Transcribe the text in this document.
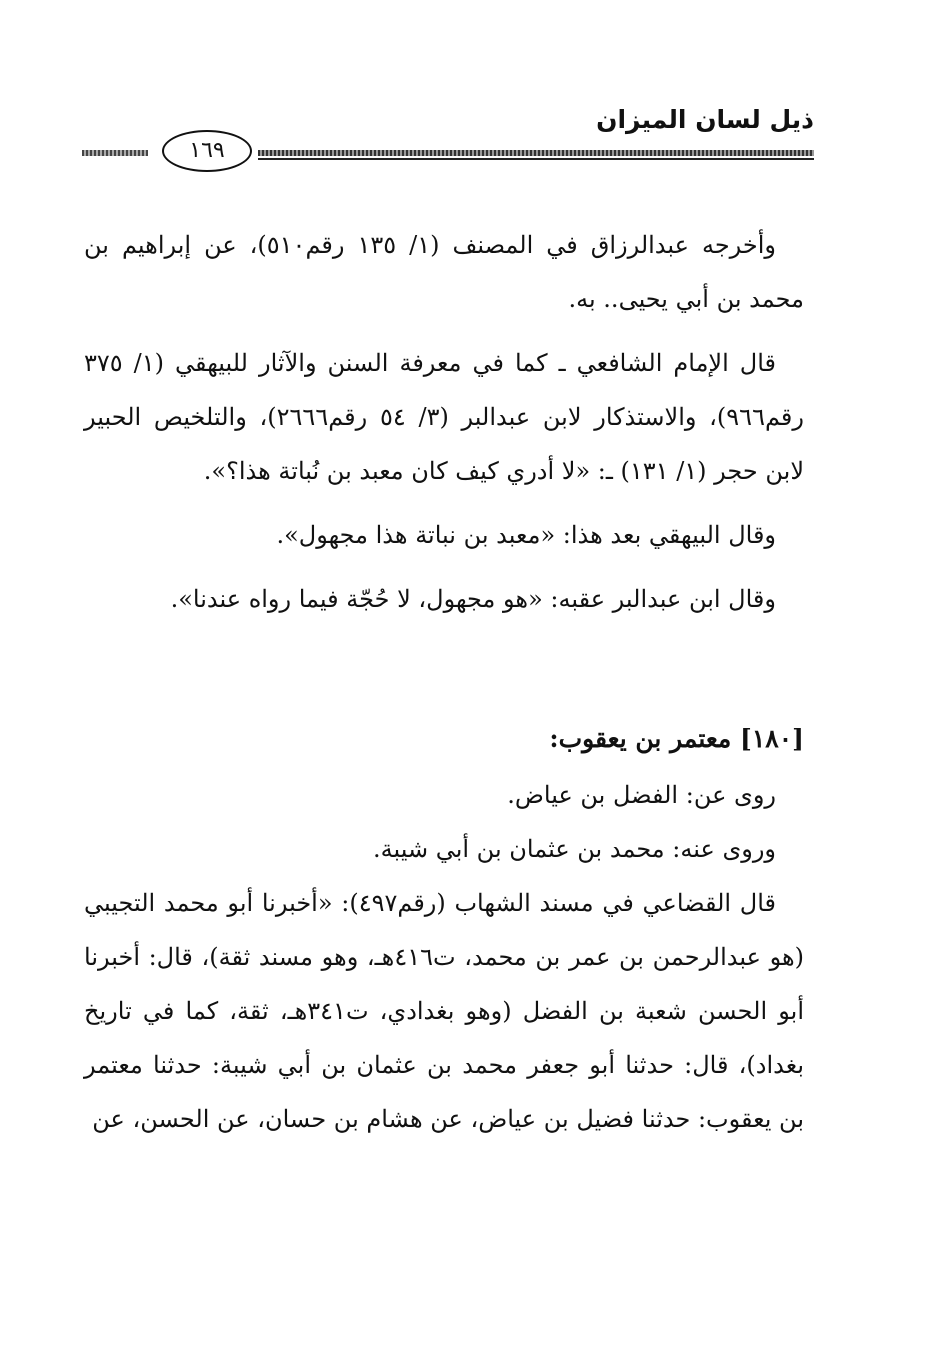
ذيل لسان الميزان
١٦٩

وأخرجه عبدالرزاق في المصنف (١/ ١٣٥ رقم٥١٠)، عن إبراهيم بن محمد بن أبي يحيى.. به.

قال الإمام الشافعي ـ كما في معرفة السنن والآثار للبيهقي (١/ ٣٧٥ رقم٩٦٦)، والاستذكار لابن عبدالبر (٣/ ٥٤ رقم٢٦٦٦)، والتلخيص الحبير لابن حجر (١/ ١٣١) ـ: «لا أدري كيف كان معبد بن نُباتة هذا؟».

وقال البيهقي بعد هذا: «معبد بن نباتة هذا مجهول».

وقال ابن عبدالبر عقبه: «هو مجهول، لا حُجّة فيما رواه عندنا».

[١٨٠] معتمر بن يعقوب:

روى عن: الفضل بن عياض.

وروى عنه: محمد بن عثمان بن أبي شيبة.

قال القضاعي في مسند الشهاب (رقم٤٩٧): «أخبرنا أبو محمد التجيبي (هو عبدالرحمن بن عمر بن محمد، ت٤١٦هـ، وهو مسند ثقة)، قال: أخبرنا أبو الحسن شعبة بن الفضل (وهو بغدادي، ت٣٤١هـ، ثقة، كما في تاريخ بغداد)، قال: حدثنا أبو جعفر محمد بن عثمان بن أبي شيبة: حدثنا معتمر بن يعقوب: حدثنا فضيل بن عياض، عن هشام بن حسان، عن الحسن، عن
